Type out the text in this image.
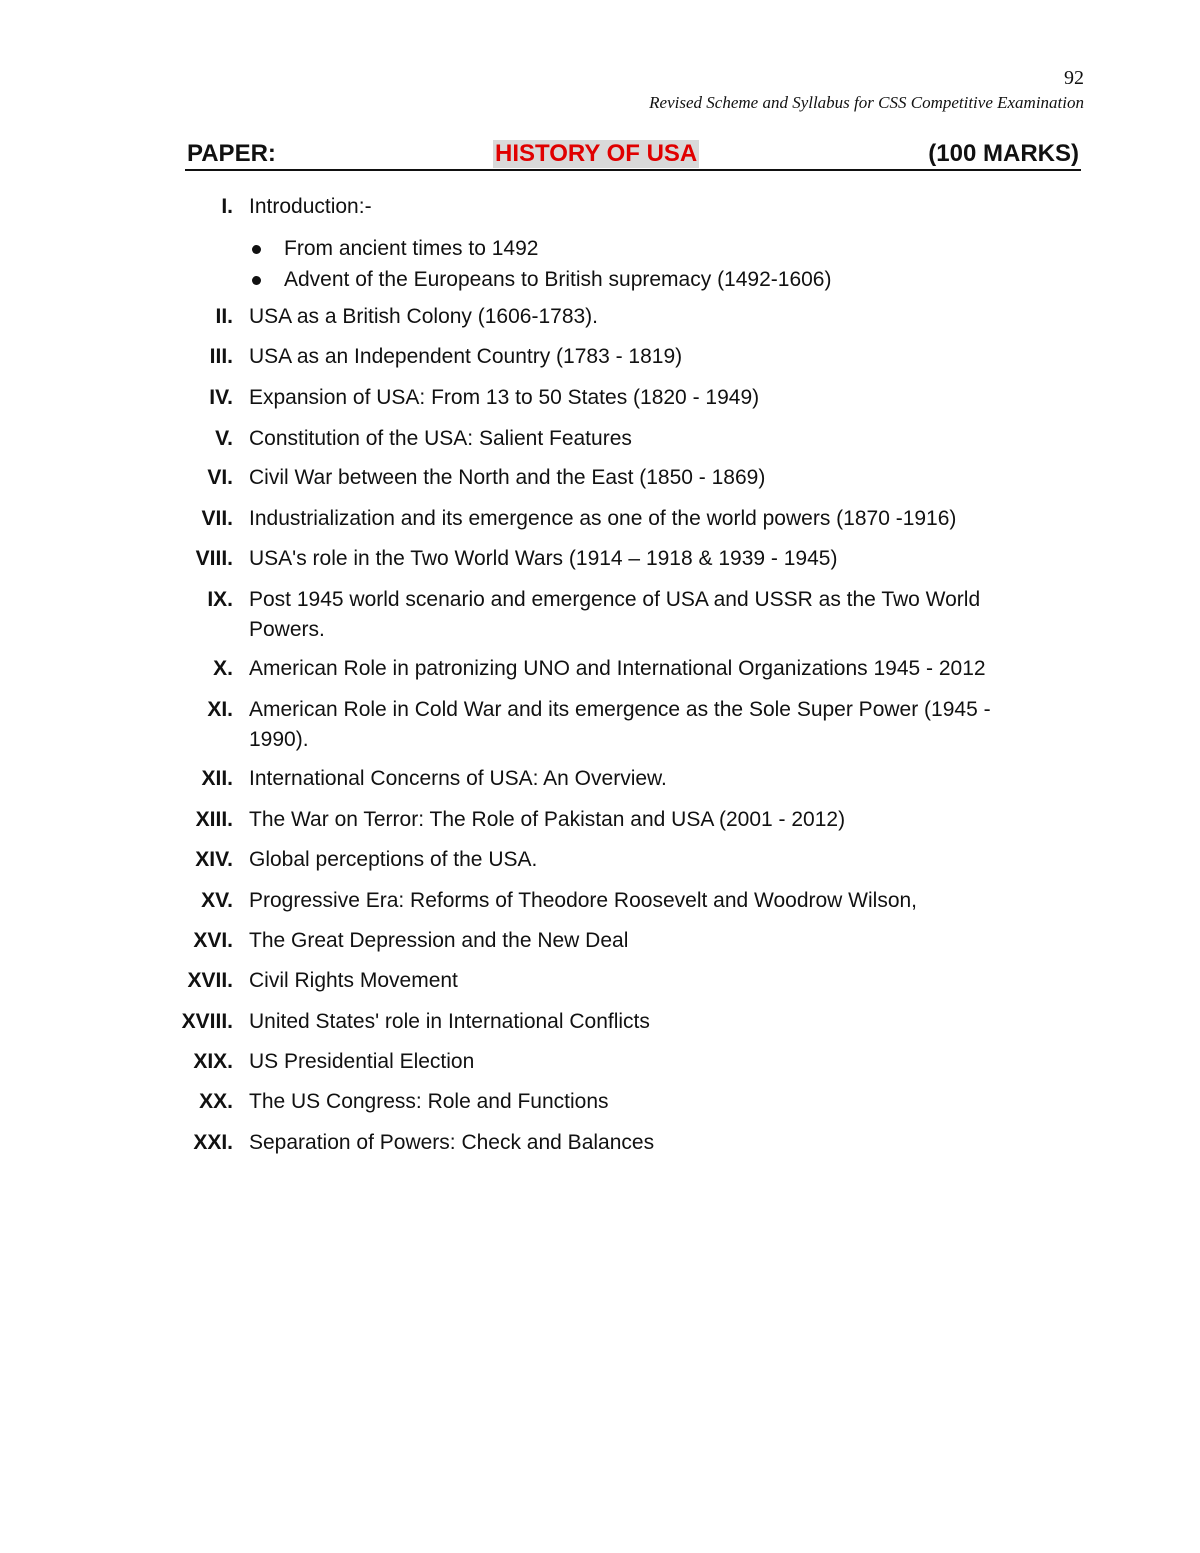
92
Revised Scheme and Syllabus for CSS Competitive Examination
PAPER:	HISTORY OF USA	(100 MARKS)
I. Introduction:-
From ancient times to 1492
Advent of the Europeans to British supremacy (1492-1606)
II. USA as a British Colony (1606-1783).
III. USA as an Independent Country (1783 - 1819)
IV. Expansion of USA: From 13 to 50 States (1820 - 1949)
V. Constitution of the USA: Salient Features
VI. Civil War between the North and the East (1850 - 1869)
VII. Industrialization and its emergence as one of the world powers (1870 -1916)
VIII. USA's role in the Two World Wars (1914 – 1918 & 1939 - 1945)
IX. Post 1945 world scenario and emergence of USA and USSR as the Two World Powers.
X. American Role in patronizing UNO and International Organizations 1945 - 2012
XI. American Role in Cold War and its emergence as the Sole Super Power (1945 - 1990).
XII. International Concerns of USA: An Overview.
XIII. The War on Terror: The Role of Pakistan and USA (2001 - 2012)
XIV. Global perceptions of the USA.
XV. Progressive Era: Reforms of Theodore Roosevelt and Woodrow Wilson,
XVI. The Great Depression and the New Deal
XVII. Civil Rights Movement
XVIII. United States' role in International Conflicts
XIX. US Presidential Election
XX. The US Congress: Role and Functions
XXI. Separation of Powers: Check and Balances
